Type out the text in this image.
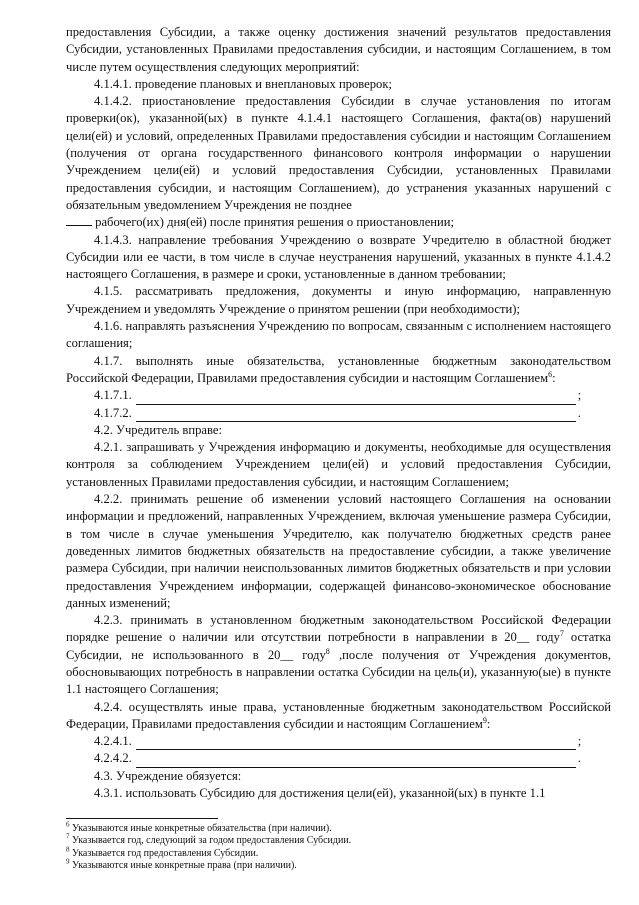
предоставления Субсидии, а также оценку достижения значений результатов предоставления Субсидии, установленных Правилами предоставления субсидии, и настоящим Соглашением, в том числе путем осуществления следующих мероприятий:

4.1.4.1. проведение плановых и внеплановых проверок;

4.1.4.2. приостановление предоставления Субсидии в случае установления по итогам проверки(ок), указанной(ых) в пункте 4.1.4.1 настоящего Соглашения, факта(ов) нарушений цели(ей) и условий, определенных Правилами предоставления субсидии и настоящим Соглашением (получения от органа государственного финансового контроля информации о нарушении Учреждением цели(ей) и условий предоставления Субсидии, установленных Правилами предоставления субсидии, и настоящим Соглашением), до устранения указанных нарушений с обязательным уведомлением Учреждения не позднее
рабочего(их) дня(ей) после принятия решения о приостановлении;

4.1.4.3. направление требования Учреждению о возврате Учредителю в областной бюджет Субсидии или ее части, в том числе в случае неустранения нарушений, указанных в пункте 4.1.4.2 настоящего Соглашения, в размере и сроки, установленные в данном требовании;

4.1.5. рассматривать предложения, документы и иную информацию, направленную Учреждением и уведомлять Учреждение о принятом решении (при необходимости);

4.1.6. направлять разъяснения Учреждению по вопросам, связанным с исполнением настоящего соглашения;

4.1.7. выполнять иные обязательства, установленные бюджетным законодательством Российской Федерации, Правилами предоставления субсидии и настоящим Соглашением$^6$:

4.1.7.1.	;
4.1.7.2.	.

4.2. Учредитель вправе:

4.2.1. запрашивать у Учреждения информацию и документы, необходимые для осуществления контроля за соблюдением Учреждением цели(ей) и условий предоставления Субсидии, установленных Правилами предоставления субсидии, и настоящим Соглашением;

4.2.2. принимать решение об изменении условий настоящего Соглашения на основании информации и предложений, направленных Учреждением, включая уменьшение размера Субсидии, в том числе в случае уменьшения Учредителю, как получателю бюджетных средств ранее доведенных лимитов бюджетных обязательств на предоставление субсидии, а также увеличение размера Субсидии, при наличии неиспользованных лимитов бюджетных обязательств и при условии предоставления Учреждением информации, содержащей финансово-экономическое обоснование данных изменений;

4.2.3. принимать в установленном бюджетным законодательством Российской Федерации порядке решение о наличии или отсутствии потребности в направлении в 20__ году$^7$ остатка Субсидии, не использованного в 20__ году$^8$ ,после получения от Учреждения документов, обосновывающих потребность в направлении остатка Субсидии на цель(и), указанную(ые) в пункте 1.1 настоящего Соглашения;

4.2.4. осуществлять иные права, установленные бюджетным законодательством Российской Федерации, Правилами предоставления субсидии и настоящим Соглашением$^9$:

4.2.4.1.	;
4.2.4.2.	.

4.3. Учреждение обязуется:

4.3.1. использовать Субсидию для достижения цели(ей), указанной(ых) в пункте 1.1

$^6$ Указываются иные конкретные обязательства (при наличии).
$^7$ Указывается год, следующий за годом предоставления Субсидии.
$^8$ Указывается год предоставления Субсидии.
$^9$ Указываются иные конкретные права (при наличии).
